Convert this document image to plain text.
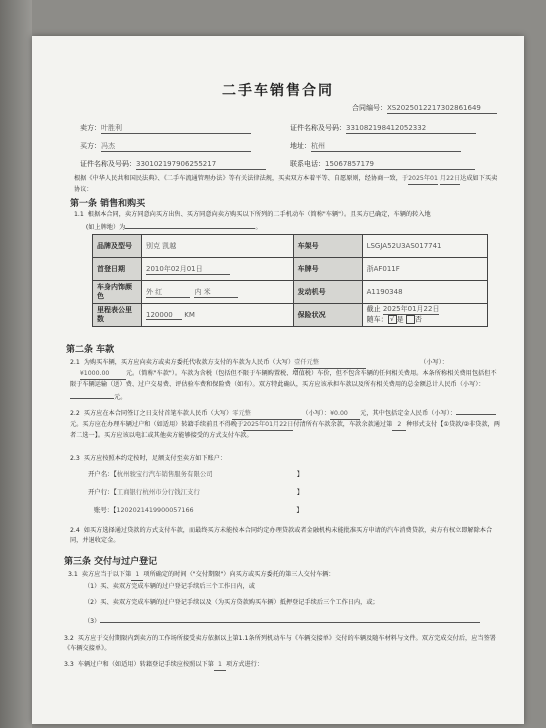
二手车销售合同
合同编号：XS2025012217302861649
卖方：叶胜利	证件名称及号码：331082198412052332
买方：冯杰	地址：杭州
证件名称及号码：330102197906255217	联系电话：15067857179
根据《中华人民共和国民法典》、《二手车流通管理办法》等有关法律法规，买卖双方本着平等、自愿原则，经协商一致，于2025年01 月22日达成如下买卖协议：
第一条 销售和购买
1.1 根据本合同，卖方同意向买方出售、买方同意向卖方购买以下所列的二手机动车（简称"车辆"）。且买方已确定，车辆的转入地
(如上牌地）为	。
品牌及型号	别克 凯越	车架号	LSGJA52U3AS017741
首登日期	2010年02月01日	车牌号	浙AF011F
车身内饰颜色	外 红 内 米	发动机号	A1190348
里程表公里数	120000 KM	保险状况	截止 2025年01月22日
随车： √ 是 否
第二条 车款
2.1 为购买车辆，买方应向卖方或卖方委托代收款方支付的车款为人民币（大写）壹仟元整	（小写）：
¥1000.00	元。（简称"车款"）。车款为含税（包括但不限于车辆购置税、增值税）车价，但不包含车辆的任何相关费用。本条所称相关费用包括但不限于车辆运输（送）费、过户交易费、评估验车费和保险费（如有）。双方特此确认，买方应该承担车款以及所有相关费用的总金额总计人民币（小写）：元。
2.2 买方应在本合同签订之日支付首笔车款人民币（大写）零元整	（小写）：¥0.00 元，其中包括定金人民币（小写）：元。买方应在办理车辆过户和（如适用）转籍手续前且不得晚于2025年01月22日付清所有车款余款，车款余款通过第 2 种形式支付【①贷款/②非贷款，两者二选一】。买方应该以电汇或其他卖方能够接受的方式支付车款。
2.3 买方应按照本约定按时，足额支付至卖方如下账户：
开户名：【杭州骏宝行汽车销售服务有限公司	】
开户行：【工商银行杭州市分行钱江支行	】
账号：【1202021419900057166	】
2.4 如买方选择通过贷款的方式支付车款，而最终买方未能按本合同约定办理贷款或者金融机构未能批准买方申请的汽车消费贷款，卖方有权立即解除本合同，并退收定金。
第三条 交付与过户登记
3.1 卖方应当于以下第 1 项所确定的时间（"交付期限"）向买方或买方委托的第三人交付车辆：
（1）买、卖双方完成车辆的过户登记手续后三个工作日内，或
（2）买、卖双方完成车辆的过户登记手续以及（为买方贷款购买车辆）抵押登记手续后三个工作日内，或；
（3）
3.2 买方应于交付期限内到卖方的工作场所接受卖方依据以上第1.1条所列机动车与《车辆交接单》交付的车辆及随车材料与文件。双方完成交付后，应当签署《车辆交接单》。
3.3 车辆过户和（如适用）转籍登记手续应按照以下第 1 项方式进行：
